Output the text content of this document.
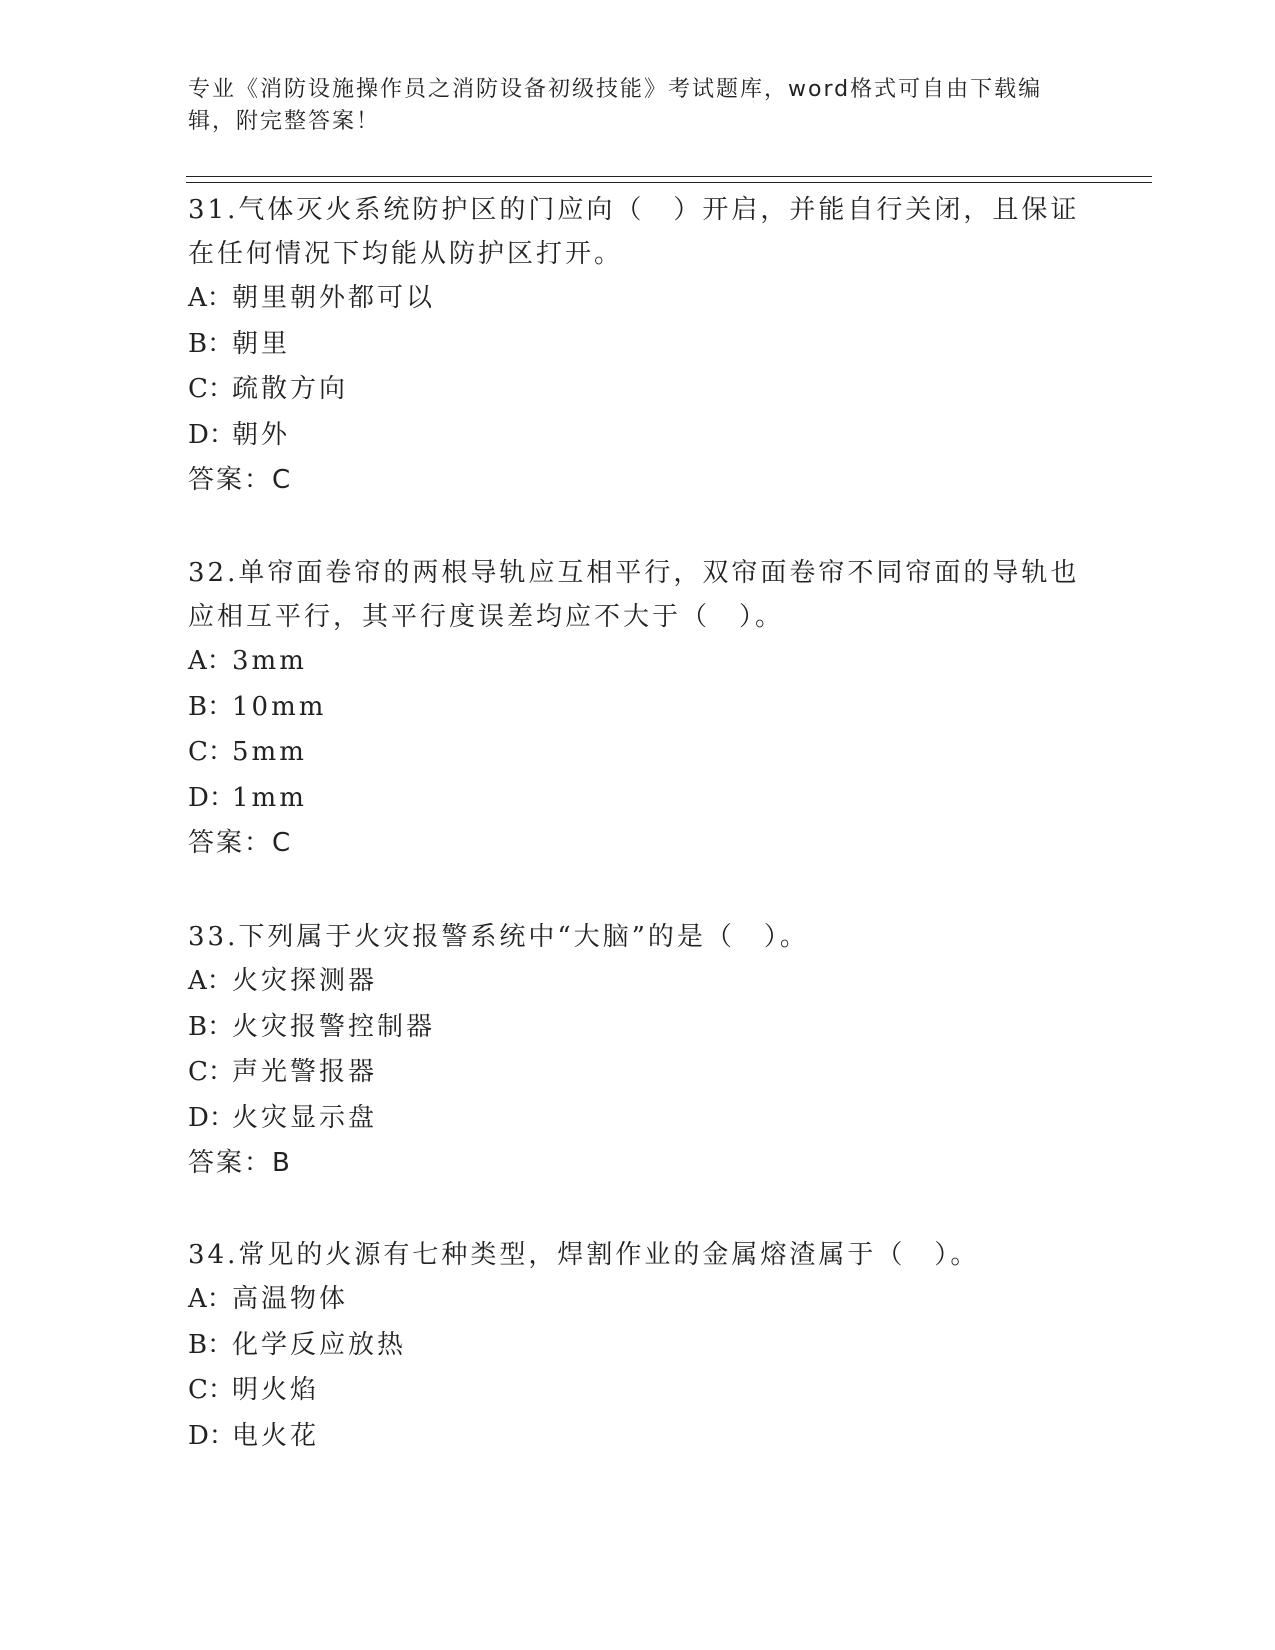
专业《消防设施操作员之消防设备初级技能》考试题库，word格式可自由下载编
辑，附完整答案！

31.气体灭火系统防护区的门应向（　）开启，并能自行关闭，且保证

在任何情况下均能从防护区打开。

A：朝里朝外都可以

B：朝里

C：疏散方向

D：朝外

答案：C

32.单帘面卷帘的两根导轨应互相平行，双帘面卷帘不同帘面的导轨也

应相互平行，其平行度误差均应不大于（　）。

A：3mm

B：10mm

C：5mm

D：1mm

答案：C

33.下列属于火灾报警系统中“大脑”的是（　）。

A：火灾探测器

B：火灾报警控制器

C：声光警报器

D：火灾显示盘

答案：B

34.常见的火源有七种类型，焊割作业的金属熔渣属于（　）。

A：高温物体

B：化学反应放热

C：明火焰

D：电火花
